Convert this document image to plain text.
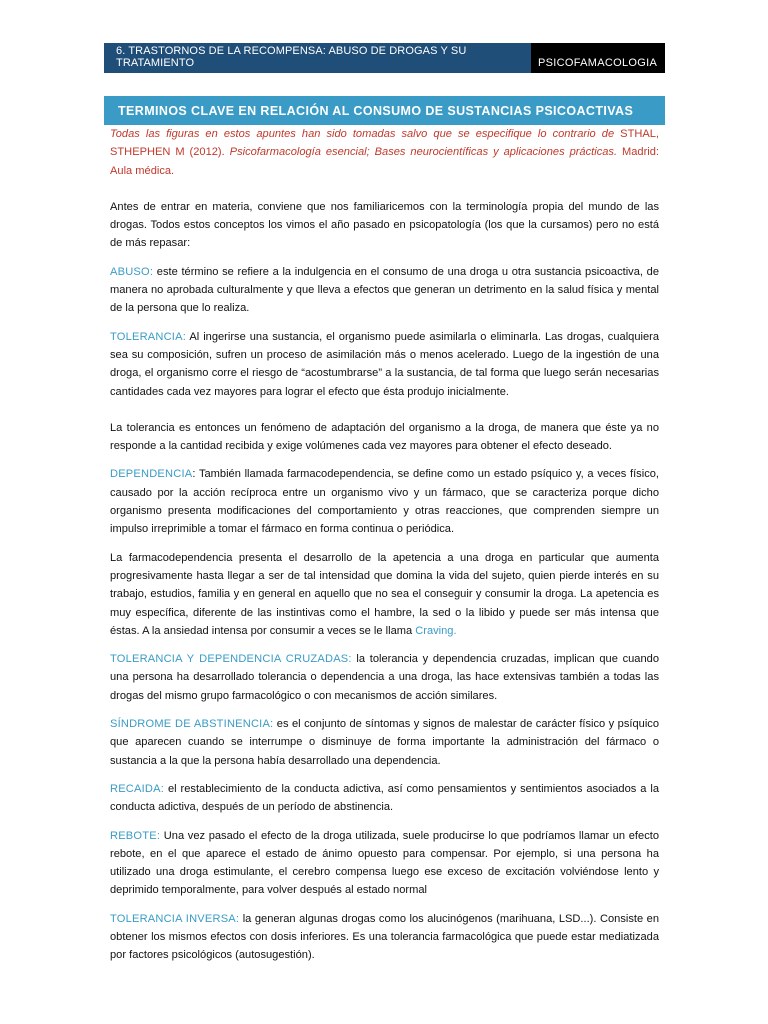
6. TRASTORNOS DE LA RECOMPENSA: ABUSO DE DROGAS Y SU TRATAMIENTO	PSICOFAMACOLOGIA
TERMINOS CLAVE EN RELACIÓN AL CONSUMO DE SUSTANCIAS PSICOACTIVAS

Todas las figuras en estos apuntes han sido tomadas salvo que se especifique lo contrario de STHAL, STHEPHEN M (2012). Psicofarmacología esencial; Bases neurocientíficas y aplicaciones prácticas. Madrid: Aula médica.

Antes de entrar en materia, conviene que nos familiaricemos con la terminología propia del mundo de las drogas. Todos estos conceptos los vimos el año pasado en psicopatología (los que la cursamos) pero no está de más repasar:

ABUSO: este término se refiere a la indulgencia en el consumo de una droga u otra sustancia psicoactiva, de manera no aprobada culturalmente y que lleva a efectos que generan un detrimento en la salud física y mental de la persona que lo realiza.

TOLERANCIA: Al ingerirse una sustancia, el organismo puede asimilarla o eliminarla. Las drogas, cualquiera sea su composición, sufren un proceso de asimilación más o menos acelerado. Luego de la ingestión de una droga, el organismo corre el riesgo de “acostumbrarse” a la sustancia, de tal forma que luego serán necesarias cantidades cada vez mayores para lograr el efecto que ésta produjo inicialmente.

La tolerancia es entonces un fenómeno de adaptación del organismo a la droga, de manera que éste ya no responde a la cantidad recibida y exige volúmenes cada vez mayores para obtener el efecto deseado.

DEPENDENCIA: También llamada farmacodependencia, se define como un estado psíquico y, a veces físico, causado por la acción recíproca entre un organismo vivo y un fármaco, que se caracteriza porque dicho organismo presenta modificaciones del comportamiento y otras reacciones, que comprenden siempre un impulso irreprimible a tomar el fármaco en forma continua o periódica.

La farmacodependencia presenta el desarrollo de la apetencia a una droga en particular que aumenta progresivamente hasta llegar a ser de tal intensidad que domina la vida del sujeto, quien pierde interés en su trabajo, estudios, familia y en general en aquello que no sea el conseguir y consumir la droga. La apetencia es muy específica, diferente de las instintivas como el hambre, la sed o la libido y puede ser más intensa que éstas. A la ansiedad intensa por consumir a veces se le llama Craving.

TOLERANCIA Y DEPENDENCIA CRUZADAS: la tolerancia y dependencia cruzadas, implican que cuando una persona ha desarrollado tolerancia o dependencia a una droga, las hace extensivas también a todas las drogas del mismo grupo farmacológico o con mecanismos de acción similares.

SÍNDROME DE ABSTINENCIA: es el conjunto de síntomas y signos de malestar de carácter físico y psíquico que aparecen cuando se interrumpe o disminuye de forma importante la administración del fármaco o sustancia a la que la persona había desarrollado una dependencia.

RECAIDA: el restablecimiento de la conducta adictiva, así como pensamientos y sentimientos asociados a la conducta adictiva, después de un período de abstinencia.

REBOTE: Una vez pasado el efecto de la droga utilizada, suele producirse lo que podríamos llamar un efecto rebote, en el que aparece el estado de ánimo opuesto para compensar. Por ejemplo, si una persona ha utilizado una droga estimulante, el cerebro compensa luego ese exceso de excitación volviéndose lento y deprimido temporalmente, para volver después al estado normal

TOLERANCIA INVERSA: la generan algunas drogas como los alucinógenos (marihuana, LSD...). Consiste en obtener los mismos efectos con dosis inferiores. Es una tolerancia farmacológica que puede estar mediatizada por factores psicológicos (autosugestión).
